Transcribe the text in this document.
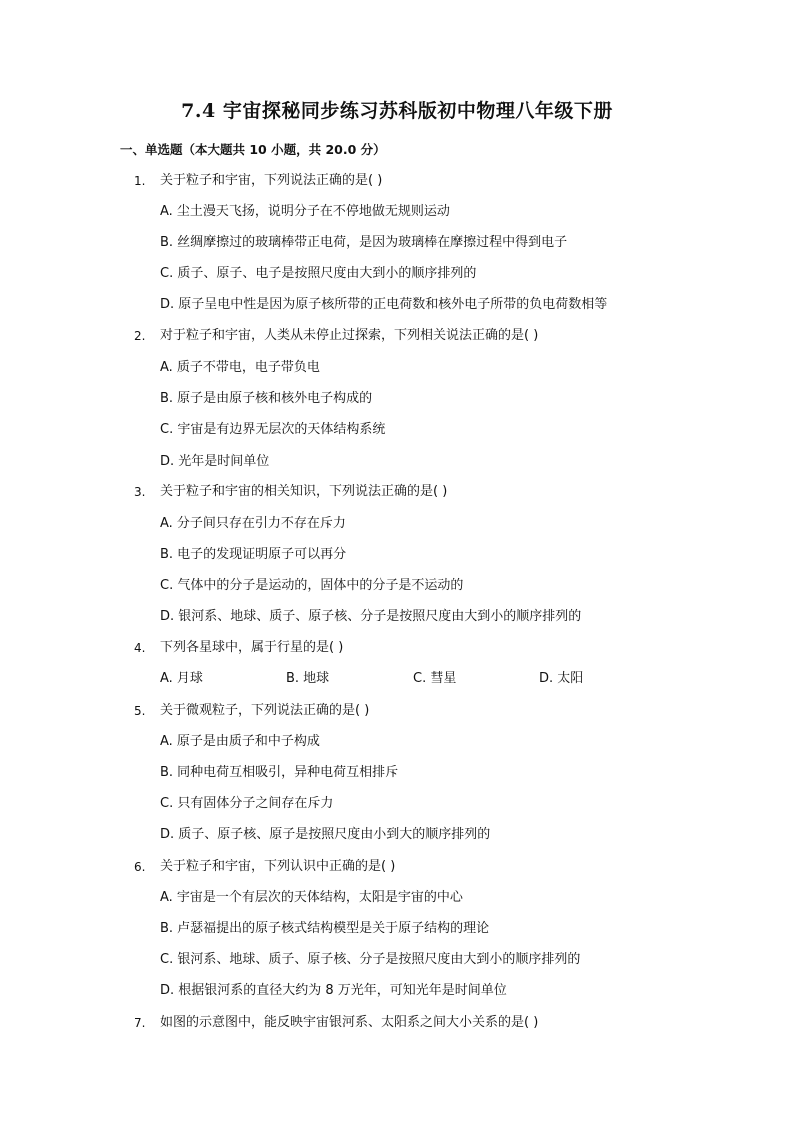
7.4 宇宙探秘同步练习苏科版初中物理八年级下册
一、单选题（本大题共 10 小题，共 20.0 分）
1. 关于粒子和宇宙，下列说法正确的是( )
A. 尘土漫天飞扬，说明分子在不停地做无规则运动
B. 丝绸摩擦过的玻璃棒带正电荷，是因为玻璃棒在摩擦过程中得到电子
C. 质子、原子、电子是按照尺度由大到小的顺序排列的
D. 原子呈电中性是因为原子核所带的正电荷数和核外电子所带的负电荷数相等
2. 对于粒子和宇宙，人类从未停止过探索，下列相关说法正确的是( )
A. 质子不带电，电子带负电
B. 原子是由原子核和核外电子构成的
C. 宇宙是有边界无层次的天体结构系统
D. 光年是时间单位
3. 关于粒子和宇宙的相关知识，下列说法正确的是( )
A. 分子间只存在引力不存在斥力
B. 电子的发现证明原子可以再分
C. 气体中的分子是运动的，固体中的分子是不运动的
D. 银河系、地球、质子、原子核、分子是按照尺度由大到小的顺序排列的
4. 下列各星球中，属于行星的是( )
A. 月球	B. 地球	C. 彗星	D. 太阳
5. 关于微观粒子，下列说法正确的是( )
A. 原子是由质子和中子构成
B. 同种电荷互相吸引，异种电荷互相排斥
C. 只有固体分子之间存在斥力
D. 质子、原子核、原子是按照尺度由小到大的顺序排列的
6. 关于粒子和宇宙，下列认识中正确的是( )
A. 宇宙是一个有层次的天体结构，太阳是宇宙的中心
B. 卢瑟福提出的原子核式结构模型是关于原子结构的理论
C. 银河系、地球、质子、原子核、分子是按照尺度由大到小的顺序排列的
D. 根据银河系的直径大约为 8 万光年，可知光年是时间单位
7. 如图的示意图中，能反映宇宙银河系、太阳系之间大小关系的是( )
